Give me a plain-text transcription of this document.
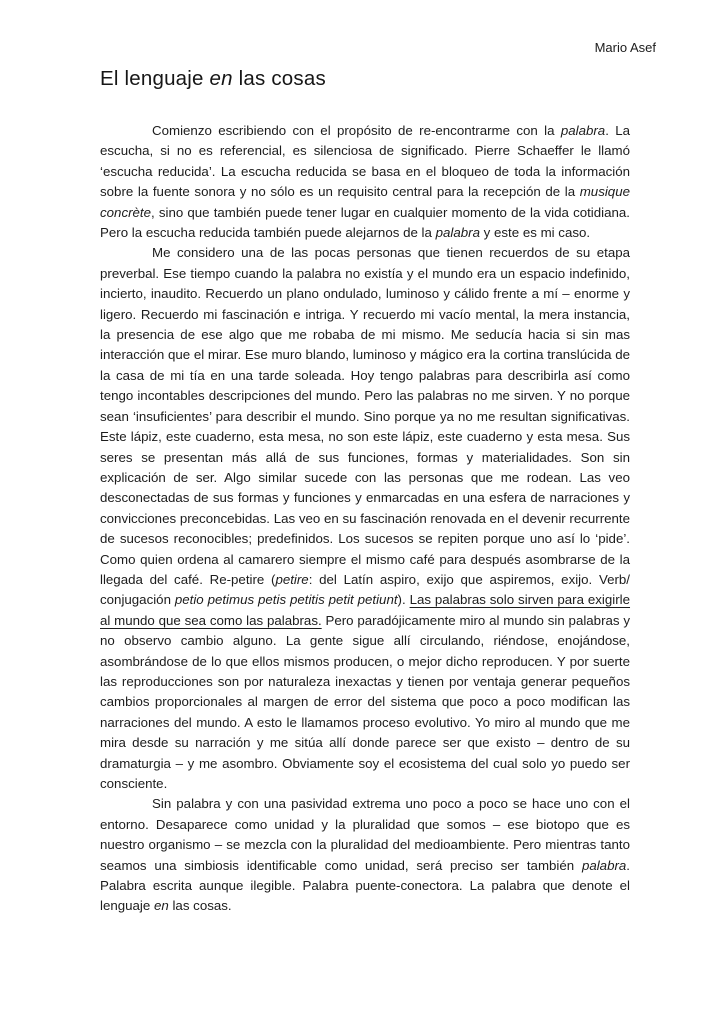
Mario Asef
El lenguaje en las cosas

Comienzo escribiendo con el propósito de re-encontrarme con la palabra. La escucha, si no es referencial, es silenciosa de significado. Pierre Schaeffer le llamó ‘escucha reducida’. La escucha reducida se basa en el bloqueo de toda la información sobre la fuente sonora y no sólo es un requisito central para la recepción de la musique concrète, sino que también puede tener lugar en cualquier momento de la vida cotidiana. Pero la escucha reducida también puede alejarnos de la palabra y este es mi caso.

Me considero una de las pocas personas que tienen recuerdos de su etapa preverbal. Ese tiempo cuando la palabra no existía y el mundo era un espacio indefinido, incierto, inaudito. Recuerdo un plano ondulado, luminoso y cálido frente a mí – enorme y ligero. Recuerdo mi fascinación e intriga. Y recuerdo mi vacío mental, la mera instancia, la presencia de ese algo que me robaba de mi mismo. Me seducía hacia si sin mas interacción que el mirar. Ese muro blando, luminoso y mágico era la cortina translúcida de la casa de mi tía en una tarde soleada. Hoy tengo palabras para describirla así como tengo incontables descripciones del mundo. Pero las palabras no me sirven. Y no porque sean ‘insuficientes’ para describir el mundo. Sino porque ya no me resultan significativas. Este lápiz, este cuaderno, esta mesa, no son este lápiz, este cuaderno y esta mesa. Sus seres se presentan más allá de sus funciones, formas y materialidades. Son sin explicación de ser. Algo similar sucede con las personas que me rodean. Las veo desconectadas de sus formas y funciones y enmarcadas en una esfera de narraciones y convicciones preconcebidas. Las veo en su fascinación renovada en el devenir recurrente de sucesos reconocibles; predefinidos. Los sucesos se repiten porque uno así lo ‘pide’. Como quien ordena al camarero siempre el mismo café para después asombrarse de la llegada del café. Re-petire (petire: del Latín aspiro, exijo que aspiremos, exijo. Verb/ conjugación petio petimus petis petitis petit petiunt). Las palabras solo sirven para exigirle al mundo que sea como las palabras. Pero paradójicamente miro al mundo sin palabras y no observo cambio alguno. La gente sigue allí circulando, riéndose, enojándose, asombrándose de lo que ellos mismos producen, o mejor dicho reproducen. Y por suerte las reproducciones son por naturaleza inexactas y tienen por ventaja generar pequeños cambios proporcionales al margen de error del sistema que poco a poco modifican las narraciones del mundo. A esto le llamamos proceso evolutivo. Yo miro al mundo que me mira desde su narración y me sitúa allí donde parece ser que existo – dentro de su dramaturgia – y me asombro. Obviamente soy el ecosistema del cual solo yo puedo ser consciente.

Sin palabra y con una pasividad extrema uno poco a poco se hace uno con el entorno. Desaparece como unidad y la pluralidad que somos – ese biotopo que es nuestro organismo – se mezcla con la pluralidad del medioambiente. Pero mientras tanto seamos una simbiosis identificable como unidad, será preciso ser también palabra. Palabra escrita aunque ilegible. Palabra puente-conectora. La palabra que denote el lenguaje en las cosas.
